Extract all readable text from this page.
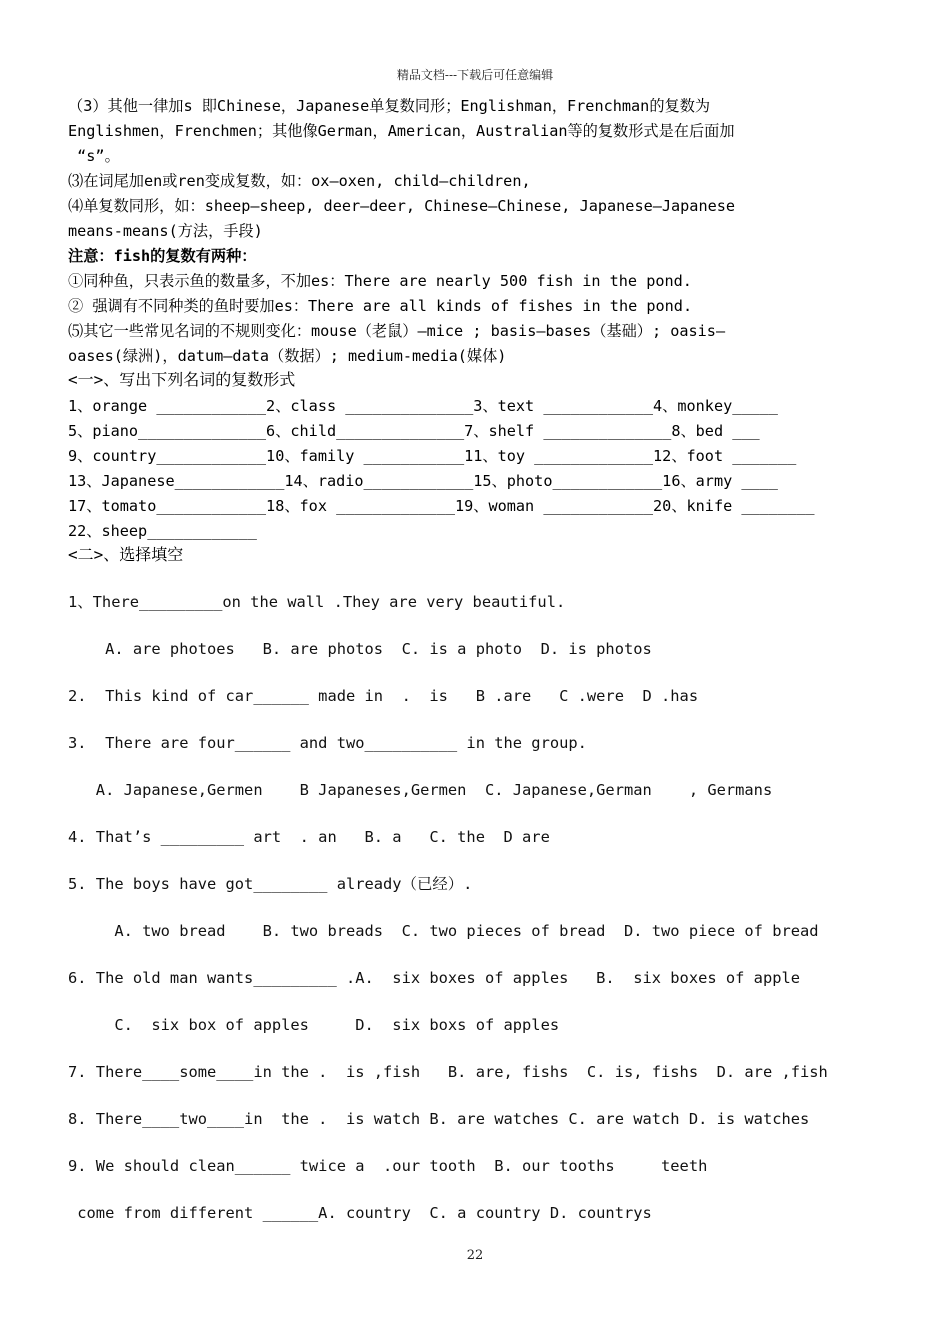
精品文档---下载后可任意编辑
（3）其他一律加s 即Chinese，Japanese单复数同形；Englishman，Frenchman的复数为
Englishmen，Frenchmen；其他像German，American，Australian等的复数形式是在后面加
“s”。
⑶在词尾加en或ren变成复数，如：ox—oxen, child—children,
⑷单复数同形，如：sheep—sheep, deer—deer, Chinese—Chinese, Japanese—Japanese
means-means(方法，手段)
注意：fish的复数有两种：
①同种鱼，只表示鱼的数量多，不加es：There are nearly 500 fish in the pond.
② 强调有不同种类的鱼时要加es：There are all kinds of fishes in the pond.
⑸其它一些常见名词的不规则变化：mouse（老鼠）—mice ; basis—bases（基础）; oasis—
oases(绿洲)，datum—data（数据）; medium-media(媒体)
<一>、写出下列名词的复数形式
1、orange ____________2、class ______________3、text ____________4、monkey_____
5、piano______________6、child______________7、shelf ______________8、bed ___
9、country____________10、family ___________11、toy _____________12、foot _______
13、Japanese____________14、radio____________15、photo____________16、army ____
17、tomato____________18、fox _____________19、woman ____________20、knife ________
22、sheep____________
<二>、选择填空
1、There_________on the wall .They are very beautiful.
A. are photoes   B. are photos  C. is a photo  D. is photos
2.  This kind of car______ made in  .  is   B .are   C .were  D .has
3.  There are four______ and two__________ in the group.
A. Japanese,Germen    B Japaneses,Germen  C. Japanese,German    , Germans
4. That’s _________ art  . an   B. a   C. the  D are
5. The boys have got________ already（已经）.
A. two bread    B. two breads  C. two pieces of bread  D. two piece of bread
6. The old man wants_________ .A.  six boxes of apples   B.  six boxes of apple
C.  six box of apples     D.  six boxs of apples
7. There____some____in the .  is ,fish   B. are, fishs  C. is, fishs  D. are ,fish
8. There____two____in  the .  is watch B. are watches C. are watch D. is watches
9. We should clean______ twice a  .our tooth  B. our tooths     teeth
come from different ______A. country  C. a country D. countrys
22
